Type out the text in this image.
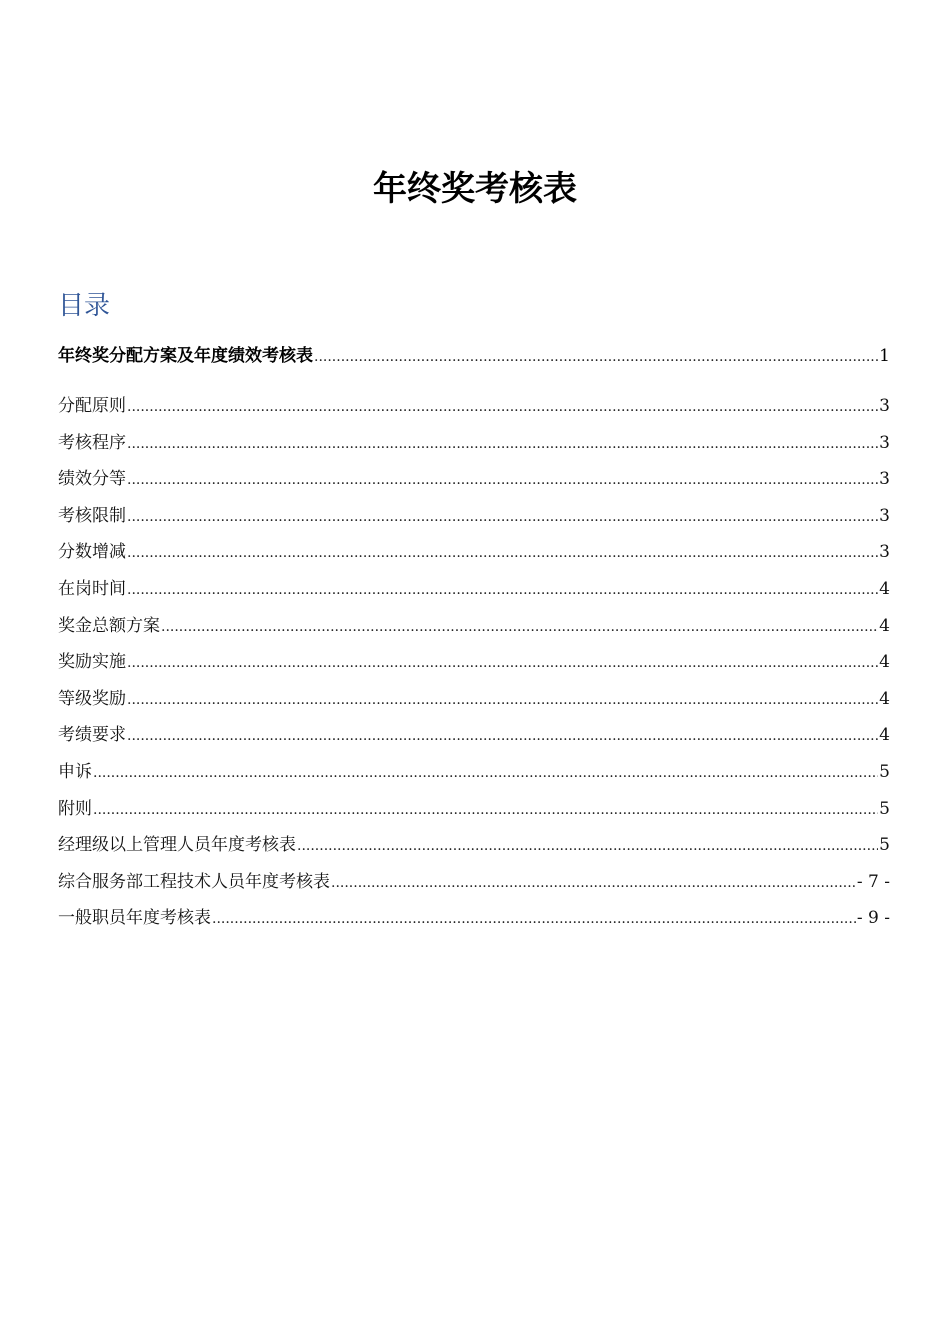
年终奖考核表
目录
年终奖分配方案及年度绩效考核表 .....	1
分配原则 .....	3
考核程序 .....	3
绩效分等 .....	3
考核限制 .....	3
分数增减 .....	3
在岗时间 .....	4
奖金总额方案 .....	4
奖励实施 .....	4
等级奖励 .....	4
考绩要求 .....	4
申诉 .....	5
附则 .....	5
经理级以上管理人员年度考核表 .....	5
综合服务部工程技术人员年度考核表 .....	- 7 -
一般职员年度考核表 .....	- 9 -
